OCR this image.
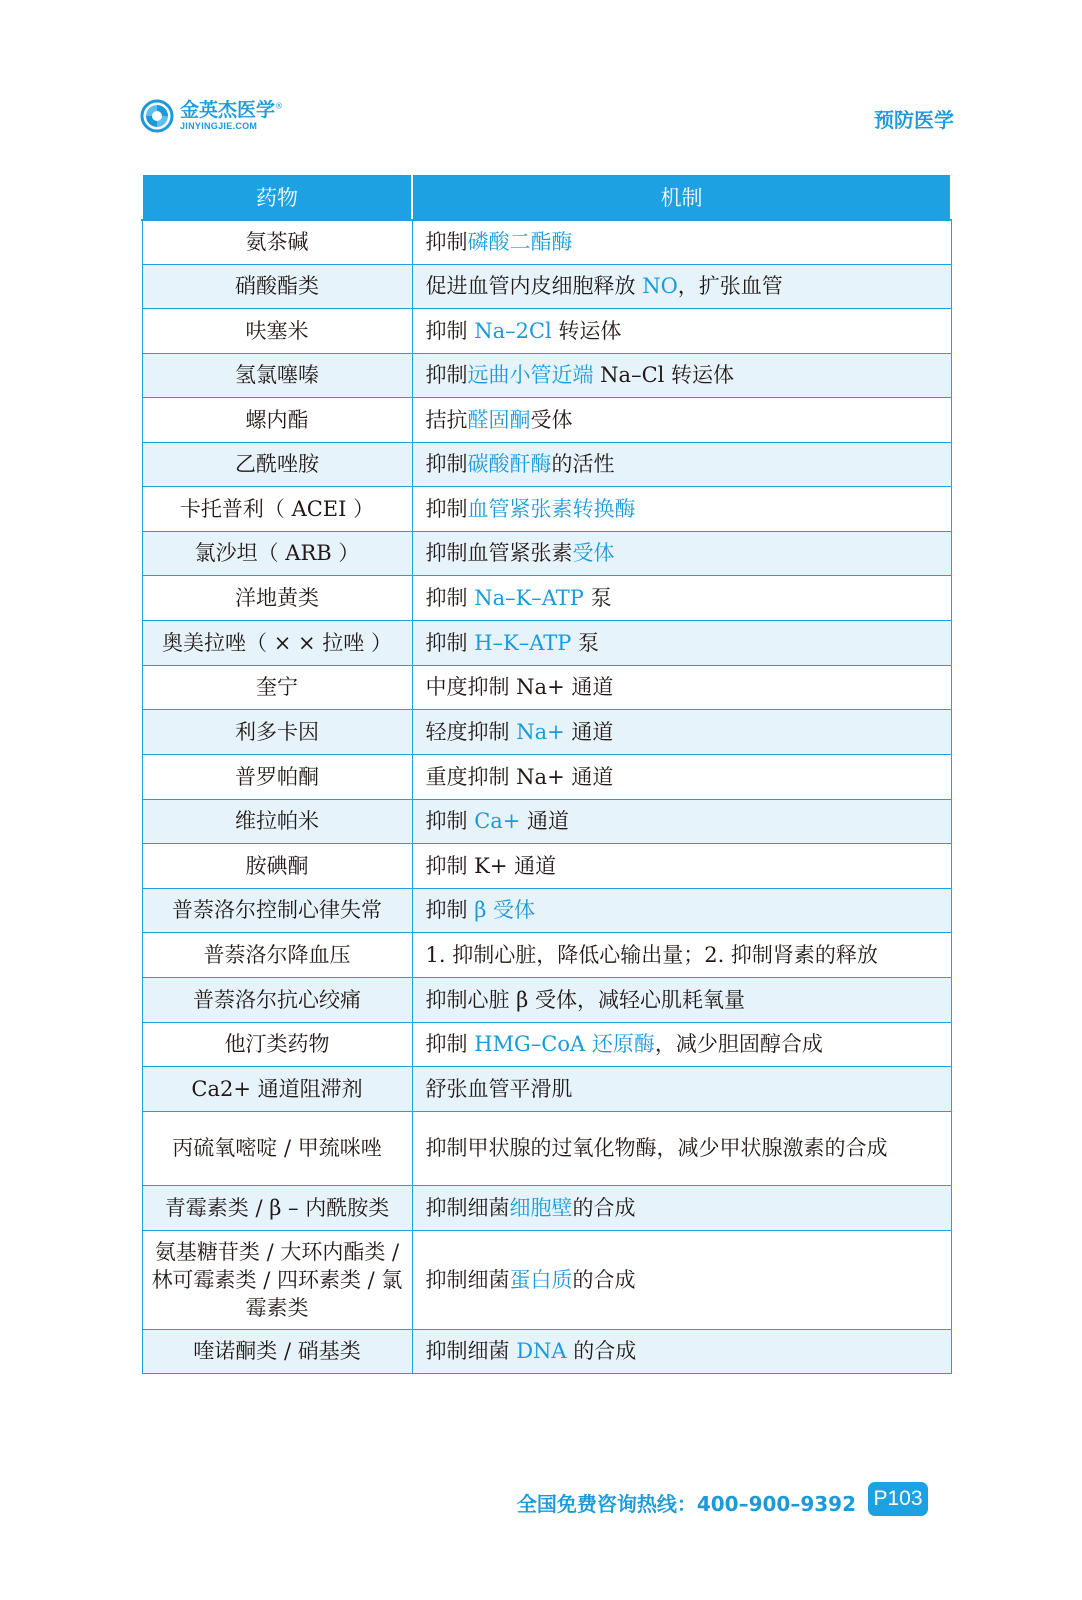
金英杰医学®
JINYINGJIE.COM	预防医学
药物	机制
氨茶碱	抑制磷酸二酯酶
硝酸酯类	促进血管内皮细胞释放 NO，扩张血管
呋塞米	抑制 Na–2Cl 转运体
氢氯噻嗪	抑制远曲小管近端 Na–Cl 转运体
螺内酯	拮抗醛固酮受体
乙酰唑胺	抑制碳酸酐酶的活性
卡托普利（ ACEI ）	抑制血管紧张素转换酶
氯沙坦（ ARB ）	抑制血管紧张素受体
洋地黄类	抑制 Na–K–ATP 泵
奥美拉唑（ × × 拉唑 ）	抑制 H–K–ATP 泵
奎宁	中度抑制 Na+ 通道
利多卡因	轻度抑制 Na+ 通道
普罗帕酮	重度抑制 Na+ 通道
维拉帕米	抑制 Ca+ 通道
胺碘酮	抑制 K+ 通道
普萘洛尔控制心律失常	抑制 β 受体
普萘洛尔降血压	1. 抑制心脏，降低心输出量；2. 抑制肾素的释放
普萘洛尔抗心绞痛	抑制心脏 β 受体，减轻心肌耗氧量
他汀类药物	抑制 HMG–CoA 还原酶，减少胆固醇合成
Ca2+ 通道阻滞剂	舒张血管平滑肌
丙硫氧嘧啶 / 甲巯咪唑	抑制甲状腺的过氧化物酶，减少甲状腺激素的合成
青霉素类 / β – 内酰胺类	抑制细菌细胞壁的合成
氨基糖苷类 / 大环内酯类 / 林可霉素类 / 四环素类 / 氯霉素类	抑制细菌蛋白质的合成
喹诺酮类 / 硝基类	抑制细菌 DNA 的合成
全国免费咨询热线：400–900–9392 P103
